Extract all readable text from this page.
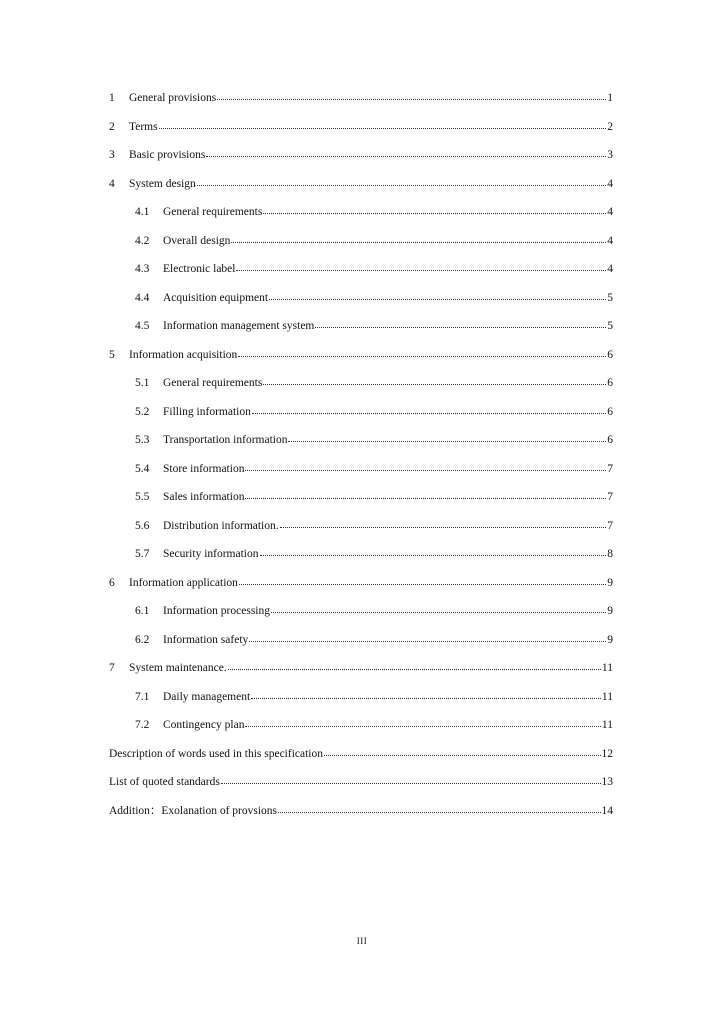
1	General provisions	1
2	Terms	2
3	Basic provisions	3
4	System design	4
4.1	General requirements	4
4.2	Overall design	4
4.3	Electronic label	4
4.4	Acquisition equipment	5
4.5	Information management system	5
5	Information acquisition	6
5.1	General requirements	6
5.2	Filling information	6
5.3	Transportation information	6
5.4	Store information	7
5.5	Sales information	7
5.6	Distribution information.	7
5.7	Security information	8
6	Information application	9
6.1	Information processing	9
6.2	Information safety	9
7	System maintenance.	11
7.1	Daily management	11
7.2	Contingency plan	11
Description of words used in this specification	12
List of quoted standards	13
Addition：Exolanation of provsions	14
III
